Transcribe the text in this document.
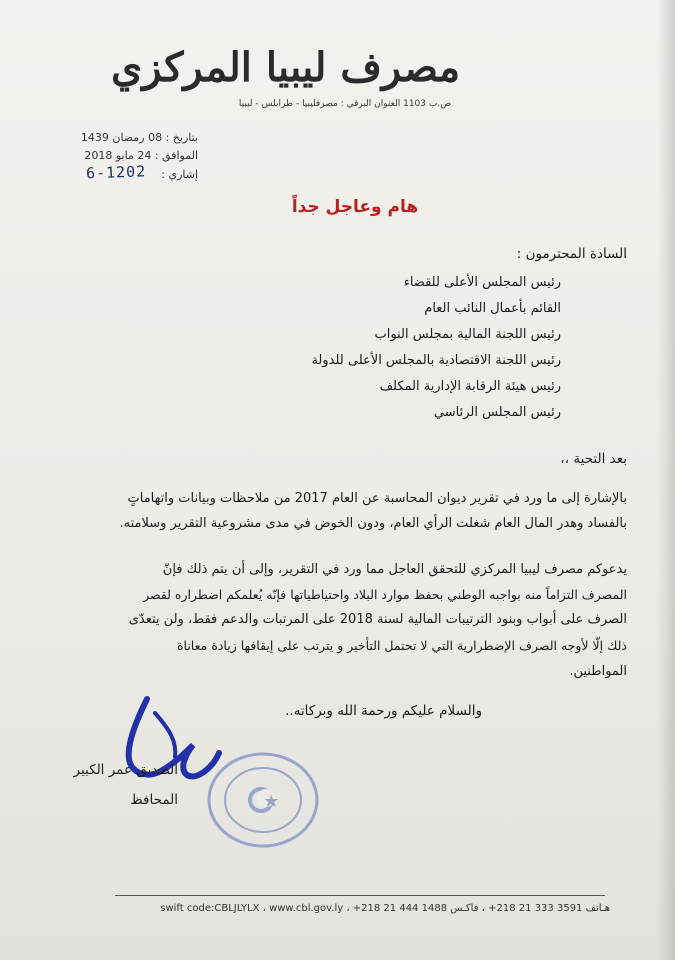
مصرف ليبيا المركزي
ص.ب 1103 العنوان البرقي : مصرفليبيا - طرابلس - ليبيا
بتاريخ : 08 رمضان 1439
الموافق : 24 مايو 2018
إشاري :
6-1202
هام وعاجل جداً
السادة المحترمون :
رئيس المجلس الأعلى للقضاء
القائم بأعمال النائب العام
رئيس اللجنة المالية بمجلس النواب
رئيس اللجنة الاقتصادية بالمجلس الأعلى للدولة
رئيس هيئة الرقابة الإدارية المكلف
رئيس المجلس الرئاسي
بعد التحية ،،
بالإشارة إلى ما ورد في تقرير ديوان المحاسبة عن العام 2017 من ملاحظات وبيانات واتهاماتٍ
بالفساد وهدر المال العام شغلت الرأي العام، ودون الخوض في مدى مشروعية التقرير وسلامته.
يدعوكم مصرف ليبيا المركزي للتحقق العاجل مما ورد في التقرير، وإلى أن يتم ذلك فإنّ
المصرف التزاماً منه بواجبه الوطني بحفظ موارد البلاد واحتياطياتها فإنّه يُعلمكم اضطراره لقصر
الصرف على أبواب وبنود الترتيبات المالية لسنة 2018 على المرتبات والدعم فقط، ولن يتعدّى
ذلك إلّا لأوجه الصرف الإضطرارية التي لا تحتمل التأخير و يترتب على إيقافها زيادة معاناة
المواطنين.
والسلام عليكم ورحمة الله وبركاته..
الصديق عمر الكبير
المحافظ
هـاتف 3591 333 21 218+ ، فاكـس 1488 444 21 218+ ، swift code:CBLJLYLX ، www.cbl.gov.ly
